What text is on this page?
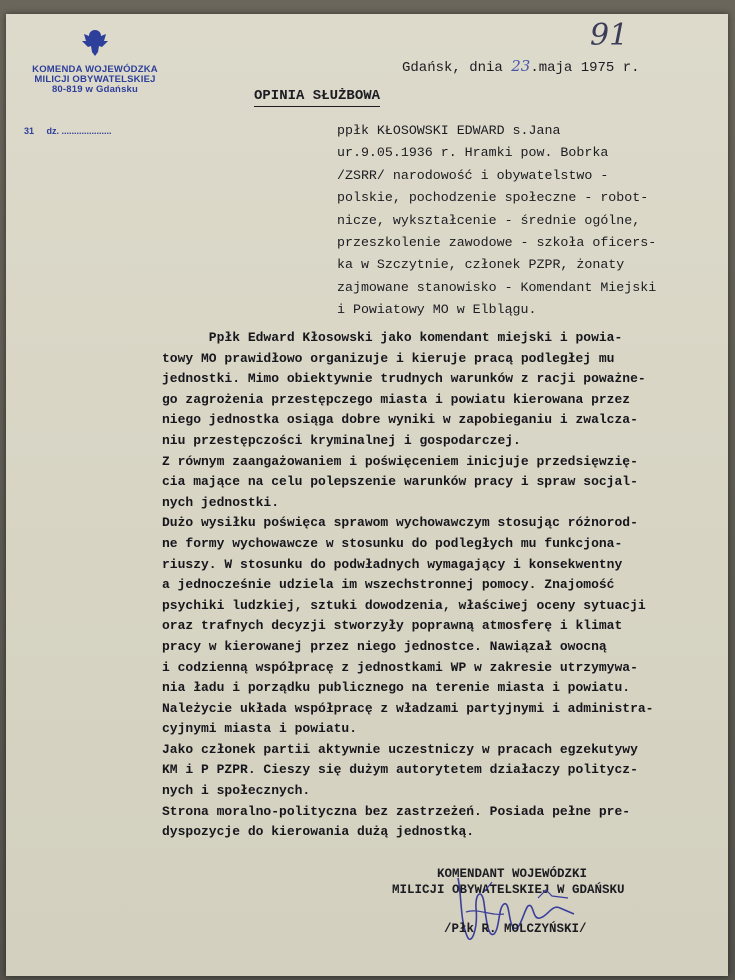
KOMENDA WOJEWÓDZKA
MILICJI OBYWATELSKIEJ
80-819 w Gdańsku
31     dz. ....................
91
Gdańsk, dnia 23.maja 1975 r.
OPINIA SŁUŻBOWA
ppłk KŁOSOWSKI EDWARD s.Jana
ur.9.05.1936 r. Hramki pow. Bobrka
/ZSRR/ narodowość i obywatelstwo -
polskie, pochodzenie społeczne - robot-
nicze, wykształcenie - średnie ogólne,
przeszkolenie zawodowe - szkoła oficers-
ka w Szczytnie, członek PZPR, żonaty
zajmowane stanowisko - Komendant Miejski
i Powiatowy MO w Elblągu.
Ppłk Edward Kłosowski jako komendant miejski i powia-
towy MO prawidłowo organizuje i kieruje pracą podległej mu
jednostki. Mimo obiektywnie trudnych warunków z racji poważne-
go zagrożenia przestępczego miasta i powiatu kierowana przez
niego jednostka osiąga dobre wyniki w zapobieganiu i zwalcza-
niu przestępczości kryminalnej i gospodarczej.
Z równym zaangażowaniem i poświęceniem inicjuje przedsięwzię-
cia mające na celu polepszenie warunków pracy i spraw socjal-
nych jednostki.
Dużo wysiłku poświęca sprawom wychowawczym stosując różnorod-
ne formy wychowawcze w stosunku do podległych mu funkcjona-
riuszy. W stosunku do podwładnych wymagający i konsekwentny
a jednocześnie udziela im wszechstronnej pomocy. Znajomość
psychiki ludzkiej, sztuki dowodzenia, właściwej oceny sytuacji
oraz trafnych decyzji stworzyły poprawną atmosferę i klimat
pracy w kierowanej przez niego jednostce. Nawiązał owocną
i codzienną współpracę z jednostkami WP w zakresie utrzymywa-
nia ładu i porządku publicznego na terenie miasta i powiatu.
Należycie układa współpracę z władzami partyjnymi i administra-
cyjnymi miasta i powiatu.
Jako członek partii aktywnie uczestniczy w pracach egzekutywy
KM i P PZPR. Cieszy się dużym autorytetem działaczy politycz-
nych i społecznych.
Strona moralno-polityczna bez zastrzeżeń. Posiada pełne pre-
dyspozycje do kierowania dużą jednostką.
KOMENDANT WOJEWÓDZKI
MILICJI OBYWATELSKIEJ W GDAŃSKU
/Płk R. MOLCZYŃSKI/
